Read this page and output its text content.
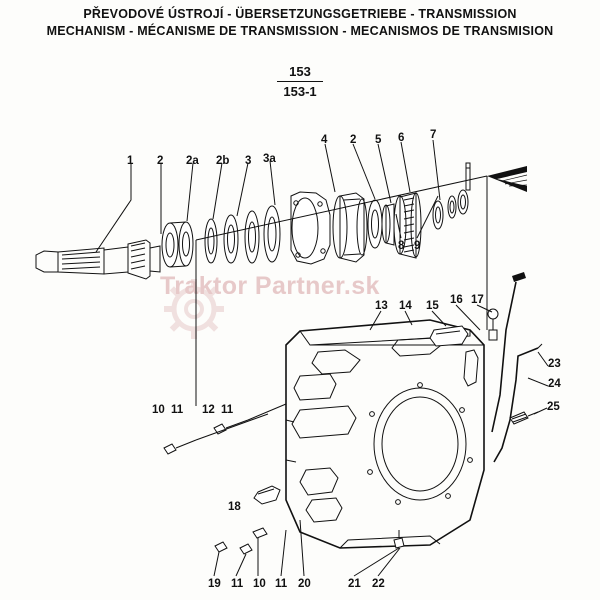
PŘEVODOVÉ ÚSTROJÍ - ÜBERSETZUNGSGETRIEBE - TRANSMISSION
MECHANISM - MÉCANISME DE TRANSMISSION - MECANISMOS DE TRANSMISION
153
153-1
Traktor Partner.sk
1 2 2a 2b 3 3a
4 2 5 6 7
8 9
13 14 15 16 17
23
24
25
10 11 12 11
18
19 11 10 11 20	21 22
